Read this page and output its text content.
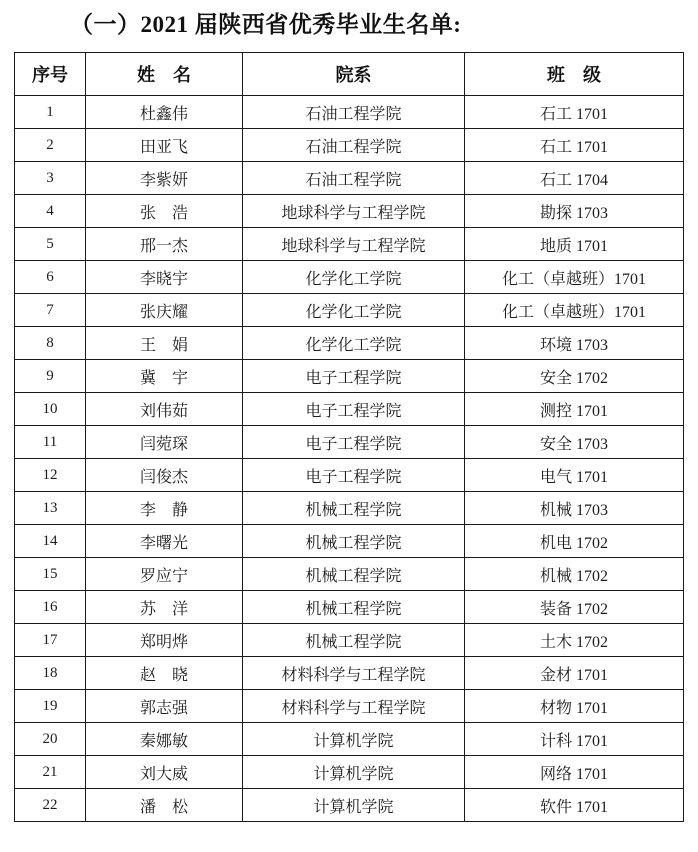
（一）2021 届陕西省优秀毕业生名单:
序号	姓　名	院系	班　级
1	杜鑫伟	石油工程学院	石工 1701
2	田亚飞	石油工程学院	石工 1701
3	李紫妍	石油工程学院	石工 1704
4	张　浩	地球科学与工程学院	勘探 1703
5	邢一杰	地球科学与工程学院	地质 1701
6	李晓宇	化学化工学院	化工（卓越班）1701
7	张庆耀	化学化工学院	化工（卓越班）1701
8	王　娟	化学化工学院	环境 1703
9	冀　宇	电子工程学院	安全 1702
10	刘伟茹	电子工程学院	测控 1701
11	闫菀琛	电子工程学院	安全 1703
12	闫俊杰	电子工程学院	电气 1701
13	李　静	机械工程学院	机械 1703
14	李曙光	机械工程学院	机电 1702
15	罗应宁	机械工程学院	机械 1702
16	苏　洋	机械工程学院	装备 1702
17	郑明烨	机械工程学院	土木 1702
18	赵　晓	材料科学与工程学院	金材 1701
19	郭志强	材料科学与工程学院	材物 1701
20	秦娜敏	计算机学院	计科 1701
21	刘大威	计算机学院	网络 1701
22	潘　松	计算机学院	软件 1701
